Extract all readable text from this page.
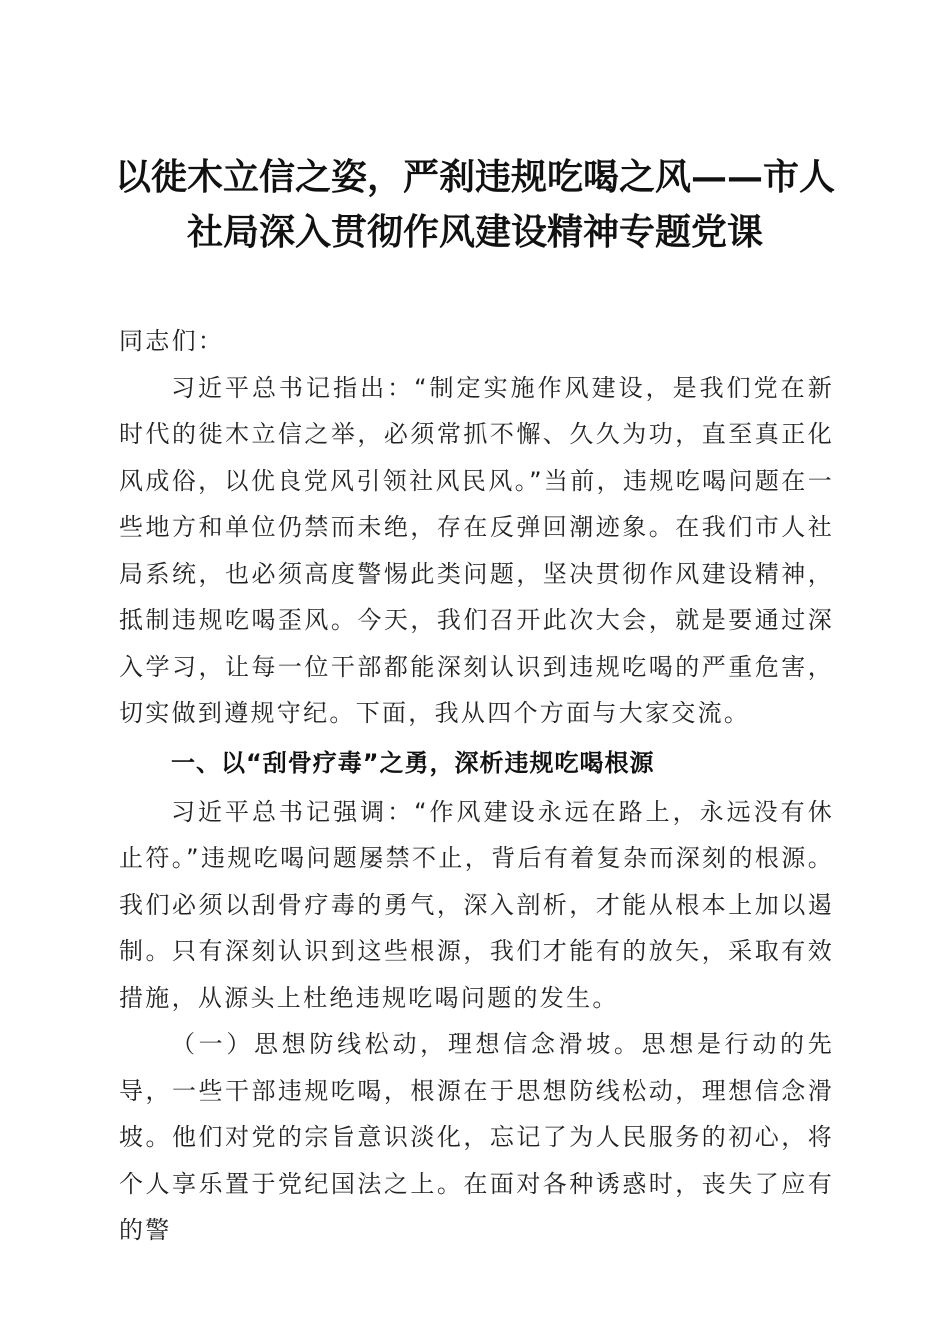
以徙木立信之姿，严刹违规吃喝之风——市人
社局深入贯彻作风建设精神专题党课

同志们：

习近平总书记指出：“制定实施作风建设，是我们党在新时代的徙木立信之举，必须常抓不懈、久久为功，直至真正化风成俗，以优良党风引领社风民风。”当前，违规吃喝问题在一些地方和单位仍禁而未绝，存在反弹回潮迹象。在我们市人社局系统，也必须高度警惕此类问题，坚决贯彻作风建设精神，抵制违规吃喝歪风。今天，我们召开此次大会，就是要通过深入学习，让每一位干部都能深刻认识到违规吃喝的严重危害，切实做到遵规守纪。下面，我从四个方面与大家交流。

一、以“刮骨疗毒”之勇，深析违规吃喝根源

习近平总书记强调：“作风建设永远在路上，永远没有休止符。”违规吃喝问题屡禁不止，背后有着复杂而深刻的根源。我们必须以刮骨疗毒的勇气，深入剖析，才能从根本上加以遏制。只有深刻认识到这些根源，我们才能有的放矢，采取有效措施，从源头上杜绝违规吃喝问题的发生。

（一）思想防线松动，理想信念滑坡。思想是行动的先导，一些干部违规吃喝，根源在于思想防线松动，理想信念滑坡。他们对党的宗旨意识淡化，忘记了为人民服务的初心，将个人享乐置于党纪国法之上。在面对各种诱惑时，丧失了应有的警
